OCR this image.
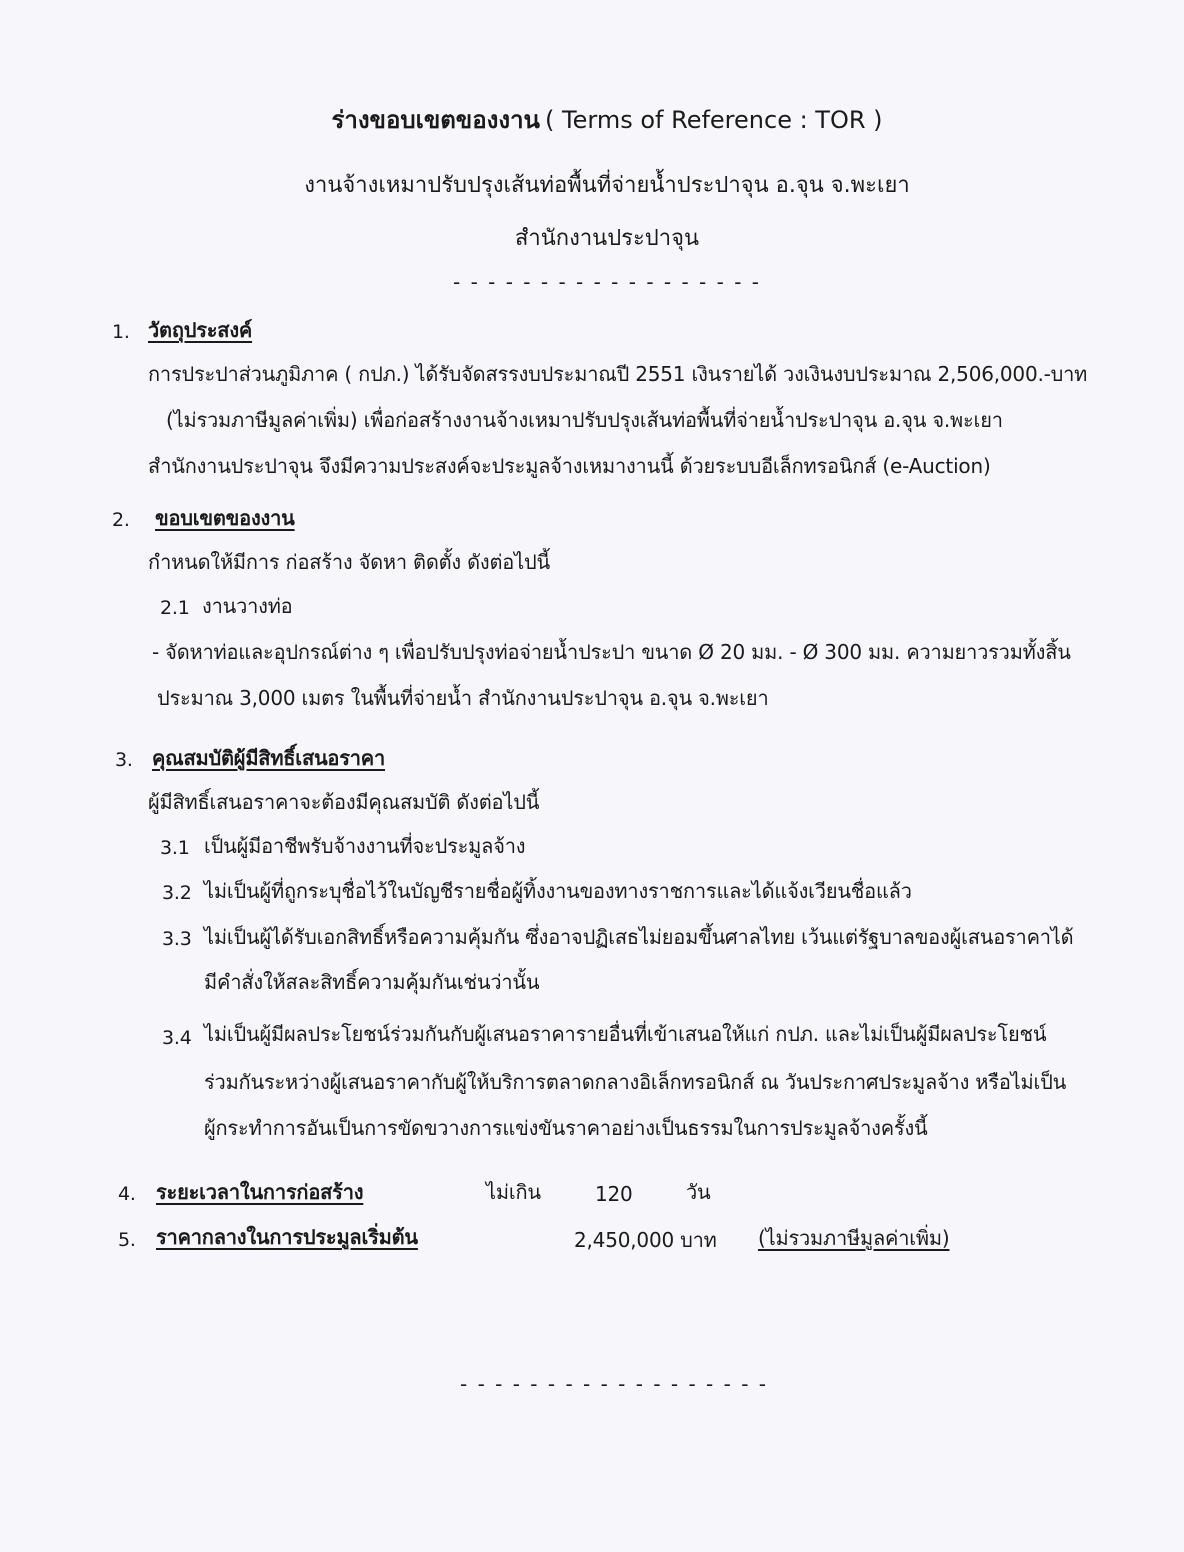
ร่างขอบเขตของงาน ( Terms of Reference : TOR )
งานจ้างเหมาปรับปรุงเส้นท่อพื้นที่จ่ายน้ำประปาจุน อ.จุน จ.พะเยา
สำนักงานประปาจุน
- - - - - - - - - - - - - - - - - -
1. วัตถุประสงค์
การประปาส่วนภูมิภาค ( กปภ.) ได้รับจัดสรรงบประมาณปี 2551 เงินรายได้ วงเงินงบประมาณ 2,506,000.-บาท
(ไม่รวมภาษีมูลค่าเพิ่ม) เพื่อก่อสร้างงานจ้างเหมาปรับปรุงเส้นท่อพื้นที่จ่ายน้ำประปาจุน อ.จุน จ.พะเยา
สำนักงานประปาจุน จึงมีความประสงค์จะประมูลจ้างเหมางานนี้ ด้วยระบบอีเล็กทรอนิกส์ (e-Auction)
2. ขอบเขตของงาน
กำหนดให้มีการ ก่อสร้าง จัดหา ติดตั้ง ดังต่อไปนี้
2.1 งานวางท่อ
- จัดหาท่อและอุปกรณ์ต่าง ๆ เพื่อปรับปรุงท่อจ่ายน้ำประปา ขนาด Ø 20 มม. - Ø 300 มม. ความยาวรวมทั้งสิ้น
ประมาณ 3,000 เมตร ในพื้นที่จ่ายน้ำ สำนักงานประปาจุน อ.จุน จ.พะเยา
3. คุณสมบัติผู้มีสิทธิ์เสนอราคา
ผู้มีสิทธิ์เสนอราคาจะต้องมีคุณสมบัติ ดังต่อไปนี้
3.1 เป็นผู้มีอาชีพรับจ้างงานที่จะประมูลจ้าง
3.2 ไม่เป็นผู้ที่ถูกระบุชื่อไว้ในบัญชีรายชื่อผู้ทิ้งงานของทางราชการและได้แจ้งเวียนชื่อแล้ว
3.3 ไม่เป็นผู้ได้รับเอกสิทธิ์หรือความคุ้มกัน ซึ่งอาจปฏิเสธไม่ยอมขึ้นศาลไทย เว้นแต่รัฐบาลของผู้เสนอราคาได้
มีคำสั่งให้สละสิทธิ์ความคุ้มกันเช่นว่านั้น
3.4 ไม่เป็นผู้มีผลประโยชน์ร่วมกันกับผู้เสนอราคารายอื่นที่เข้าเสนอให้แก่ กปภ. และไม่เป็นผู้มีผลประโยชน์
ร่วมกันระหว่างผู้เสนอราคากับผู้ให้บริการตลาดกลางอิเล็กทรอนิกส์ ณ วันประกาศประมูลจ้าง หรือไม่เป็น
ผู้กระทำการอันเป็นการขัดขวางการแข่งขันราคาอย่างเป็นธรรมในการประมูลจ้างครั้งนี้
4. ระยะเวลาในการก่อสร้าง	ไม่เกิน	120	วัน
5. ราคากลางในการประมูลเริ่มต้น	2,450,000 บาท (ไม่รวมภาษีมูลค่าเพิ่ม)
- - - - - - - - - - - - - - - - - -
